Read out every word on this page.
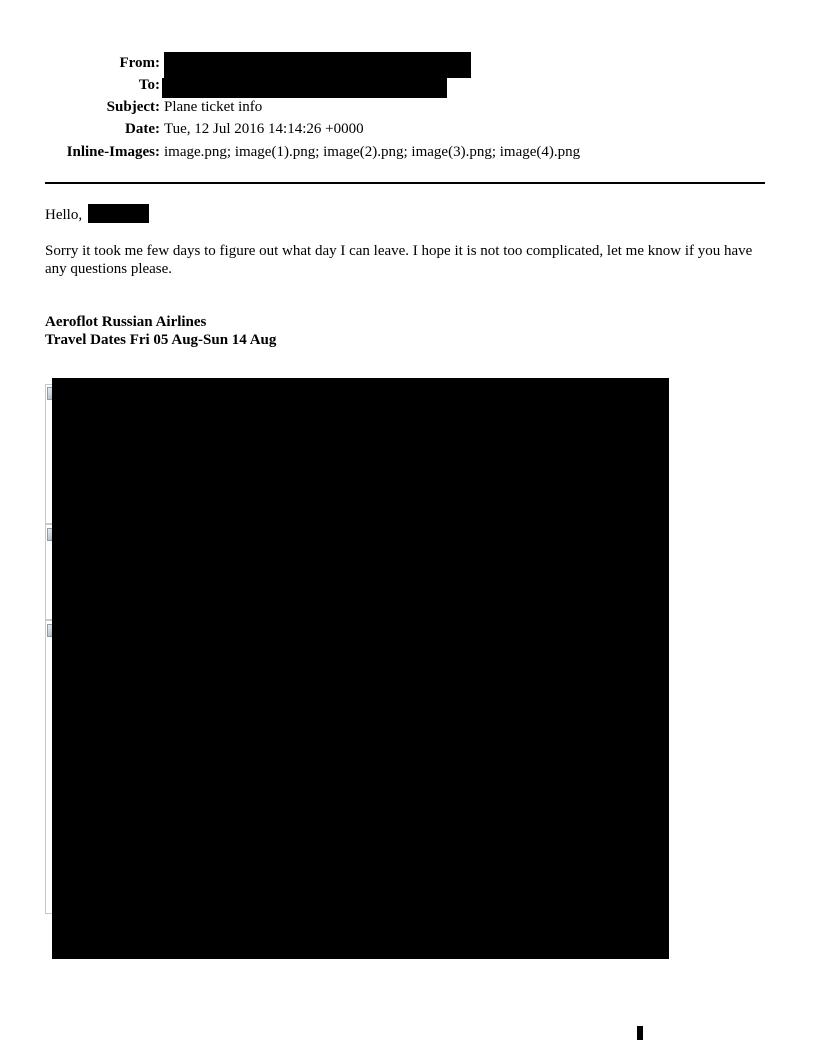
From:
To:
Subject: Plane ticket info
Date: Tue, 12 Jul 2016 14:14:26 +0000
Inline-Images: image.png; image(1).png; image(2).png; image(3).png; image(4).png
Hello,
Sorry it took me few days to figure out what day I can leave. I hope it is not too complicated, let me know if you have any questions please.
Aeroflot Russian Airlines
Travel Dates Fri 05 Aug-Sun 14 Aug
